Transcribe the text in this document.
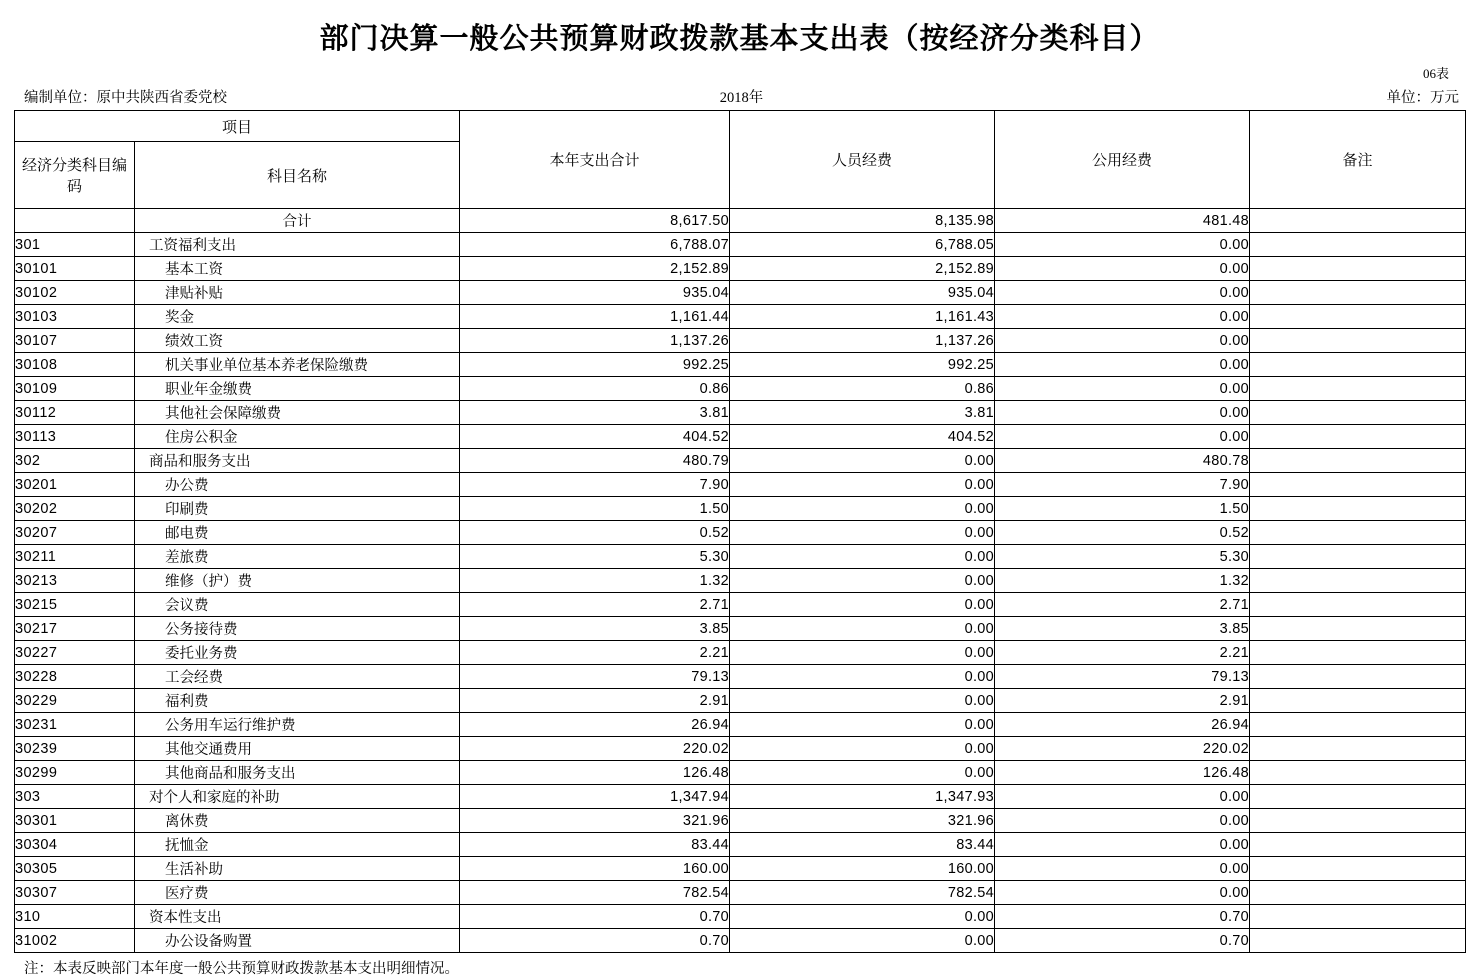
部门决算一般公共预算财政拨款基本支出表（按经济分类科目）
06表
编制单位：原中共陕西省委党校	2018年	单位：万元
项目		本年支出合计	人员经费	公用经费	备注
经济分类科目编码	科目名称				
	合计	8,617.50	8,135.98	481.48	
301	工资福利支出	6,788.07	6,788.05	0.00	
30101	基本工资	2,152.89	2,152.89	0.00	
30102	津贴补贴	935.04	935.04	0.00	
30103	奖金	1,161.44	1,161.43	0.00	
30107	绩效工资	1,137.26	1,137.26	0.00	
30108	机关事业单位基本养老保险缴费	992.25	992.25	0.00	
30109	职业年金缴费	0.86	0.86	0.00	
30112	其他社会保障缴费	3.81	3.81	0.00	
30113	住房公积金	404.52	404.52	0.00	
302	商品和服务支出	480.79	0.00	480.78	
30201	办公费	7.90	0.00	7.90	
30202	印刷费	1.50	0.00	1.50	
30207	邮电费	0.52	0.00	0.52	
30211	差旅费	5.30	0.00	5.30	
30213	维修（护）费	1.32	0.00	1.32	
30215	会议费	2.71	0.00	2.71	
30217	公务接待费	3.85	0.00	3.85	
30227	委托业务费	2.21	0.00	2.21	
30228	工会经费	79.13	0.00	79.13	
30229	福利费	2.91	0.00	2.91	
30231	公务用车运行维护费	26.94	0.00	26.94	
30239	其他交通费用	220.02	0.00	220.02	
30299	其他商品和服务支出	126.48	0.00	126.48	
303	对个人和家庭的补助	1,347.94	1,347.93	0.00	
30301	离休费	321.96	321.96	0.00	
30304	抚恤金	83.44	83.44	0.00	
30305	生活补助	160.00	160.00	0.00	
30307	医疗费	782.54	782.54	0.00	
310	资本性支出	0.70	0.00	0.70	
31002	办公设备购置	0.70	0.00	0.70	
注：本表反映部门本年度一般公共预算财政拨款基本支出明细情况。
